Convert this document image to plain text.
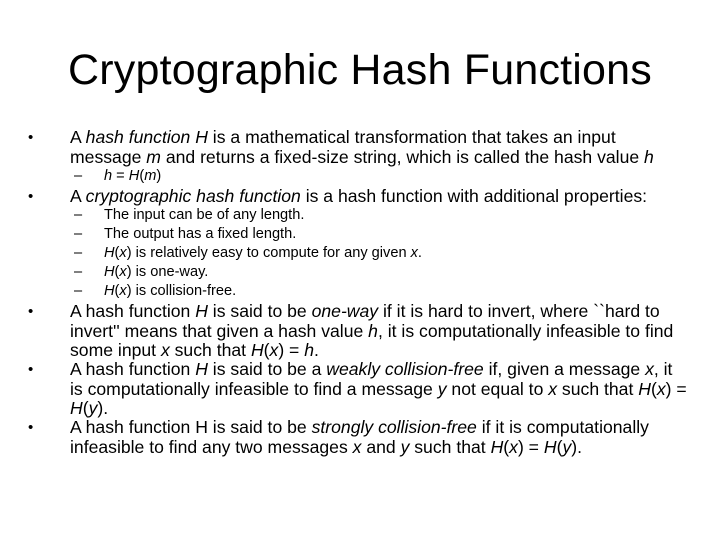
Cryptographic Hash Functions
• A hash function H is a mathematical transformation that takes an input message m and returns a fixed-size string, which is called the hash value h
– h = H(m)
• A cryptographic hash function is a hash function with additional properties:
– The input can be of any length.
– The output has a fixed length.
– H(x) is relatively easy to compute for any given x.
– H(x) is one-way.
– H(x) is collision-free.
• A hash function H is said to be one-way if it is hard to invert, where ``hard to invert'' means that given a hash value h, it is computationally infeasible to find some input x such that H(x) = h.
• A hash function H is said to be a weakly collision-free if, given a message x, it is computationally infeasible to find a message y not equal to x such that H(x) = H(y).
• A hash function H is said to be strongly collision-free if it is computationally infeasible to find any two messages x and y such that H(x) = H(y).
